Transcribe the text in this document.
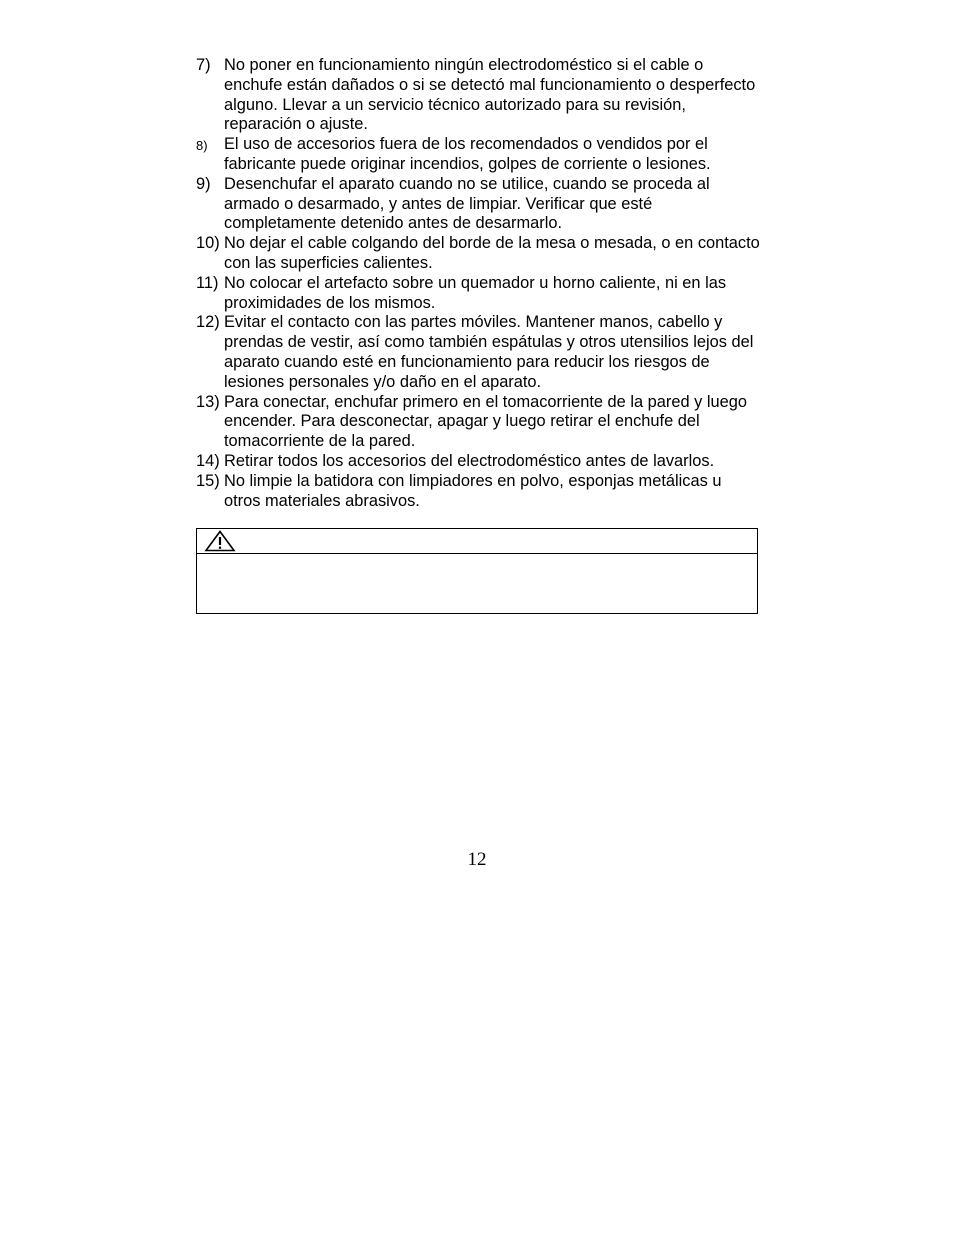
7) No poner en funcionamiento ningún electrodoméstico si el cable o enchufe están dañados o si se detectó mal funcionamiento o desperfecto alguno. Llevar a un servicio técnico autorizado para su revisión, reparación o ajuste.
8)	El uso de accesorios fuera de los recomendados o vendidos por el fabricante puede originar incendios, golpes de corriente o lesiones.
9) Desenchufar el aparato cuando no se utilice, cuando se proceda al armado o desarmado, y antes de limpiar. Verificar que esté completamente detenido antes de desarmarlo.
10) No dejar el cable colgando del borde de la mesa o mesada, o en contacto con las superficies calientes.
11) No colocar el artefacto sobre un quemador u horno caliente, ni en las proximidades de los mismos.
12) Evitar el contacto con las partes móviles. Mantener manos, cabello y prendas de vestir, así como también espátulas y otros utensilios lejos del aparato cuando esté en funcionamiento para reducir los riesgos de lesiones personales y/o daño en el aparato.
13) Para conectar, enchufar primero en el tomacorriente de la pared y luego encender. Para desconectar, apagar y luego retirar el enchufe del tomacorriente de la pared.
14) Retirar todos los accesorios del electrodoméstico antes de lavarlos.
15) No limpie la batidora con limpiadores en polvo, esponjas metálicas u otros materiales abrasivos.
12
